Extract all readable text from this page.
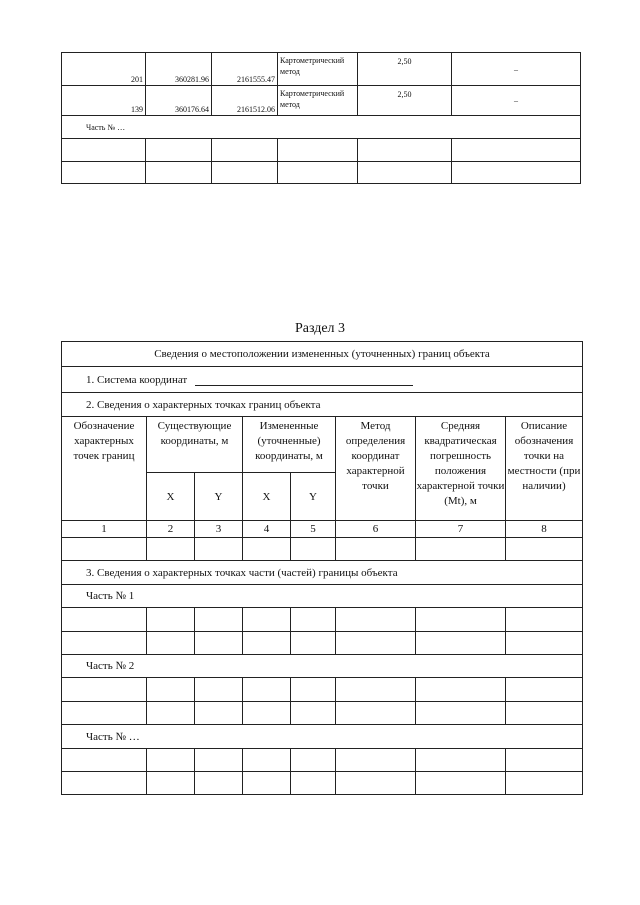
201	360281.96	2161555.47	Картометрический метод	2,50	–
139	360176.64	2161512.06	Картометрический метод	2,50	–
Часть № …					

Раздел 3
Сведения о местоположении измененных (уточненных) границ объекта							
1. Система координат							
2. Сведения о характерных точках границ объекта							
Обозначение характерных точек границ	Существующие координаты, м		Измененные (уточненные) координаты, м		Метод определения координат характерной точки	Средняя квадратическая погрешность положения характерной точки (Mt), м	Описание обозначения точки на местности (при наличии)
	X	Y	X	Y			
1	2	3	4	5	6	7	8

3. Сведения о характерных точках части (частей) границы объекта							
Часть № 1							

Часть № 2							

Часть № …							
